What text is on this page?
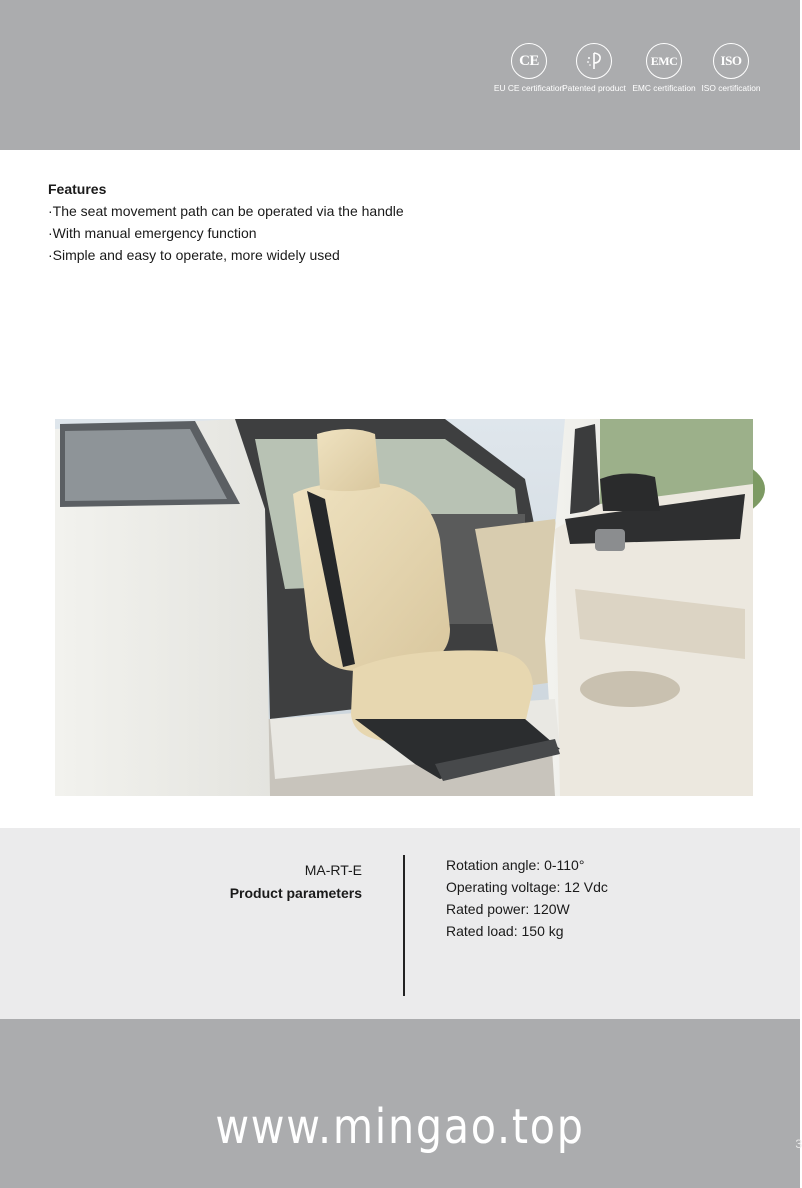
CE
EU CE certification
Patented product
EMC
EMC certification
ISO
ISO certification
Features
·The seat movement path can be operated via the handle
·With manual emergency function
·Simple and easy to operate, more widely used
MA-RT-E
Product parameters
Rotation angle: 0-110°
Operating voltage: 12 Vdc
Rated power: 120W
Rated load: 150 kg
www.mingao.top	3
